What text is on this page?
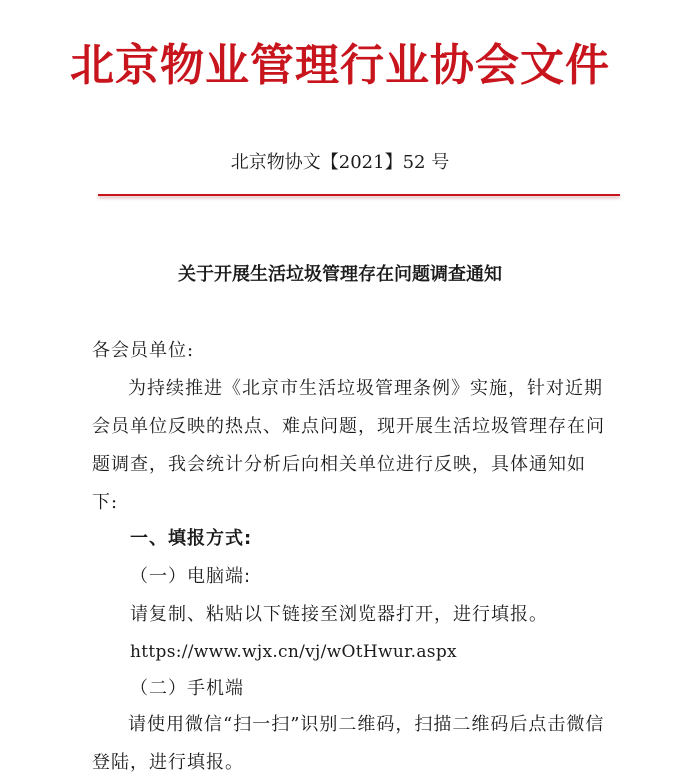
北京物业管理行业协会文件
北京物协文【2021】52 号
关于开展生活垃圾管理存在问题调查通知
各会员单位:
为持续推进《北京市生活垃圾管理条例》实施，针对近期会员单位反映的热点、难点问题，现开展生活垃圾管理存在问题调查，我会统计分析后向相关单位进行反映，具体通知如下:
一、填报方式:
（一）电脑端:
请复制、粘贴以下链接至浏览器打开，进行填报。
https://www.wjx.cn/vj/wOtHwur.aspx
（二）手机端
请使用微信“扫一扫”识别二维码，扫描二维码后点击微信登陆，进行填报。
